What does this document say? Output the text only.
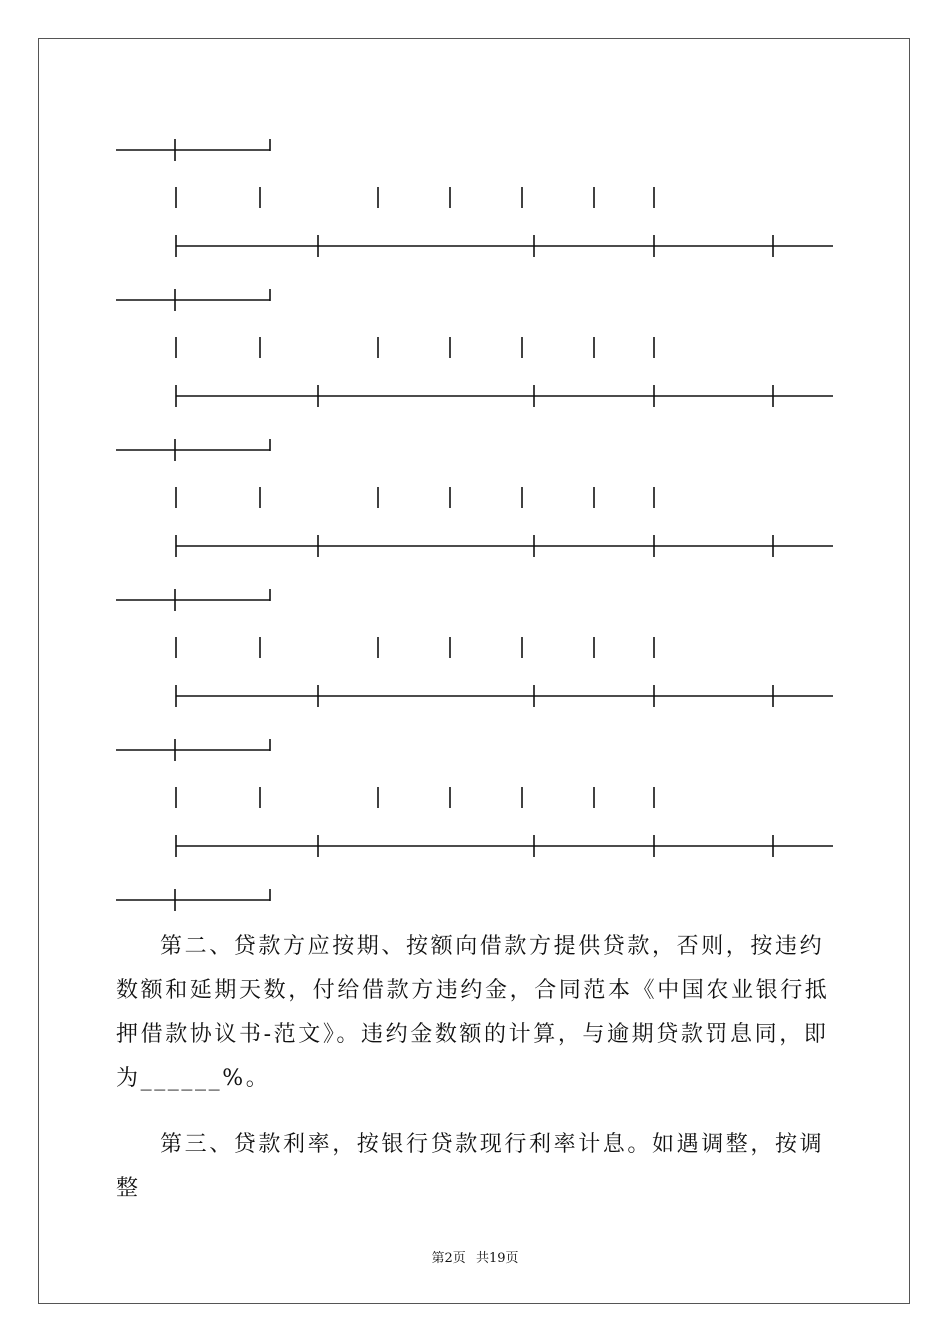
第二、贷款方应按期、按额向借款方提供贷款，否则，按违约数额和延期天数，付给借款方违约金，合同范本《中国农业银行抵押借款协议书-范文》。违约金数额的计算，与逾期贷款罚息同，即为______%。

第三、贷款利率，按银行贷款现行利率计息。如遇调整，按调整

第2页 共19页
